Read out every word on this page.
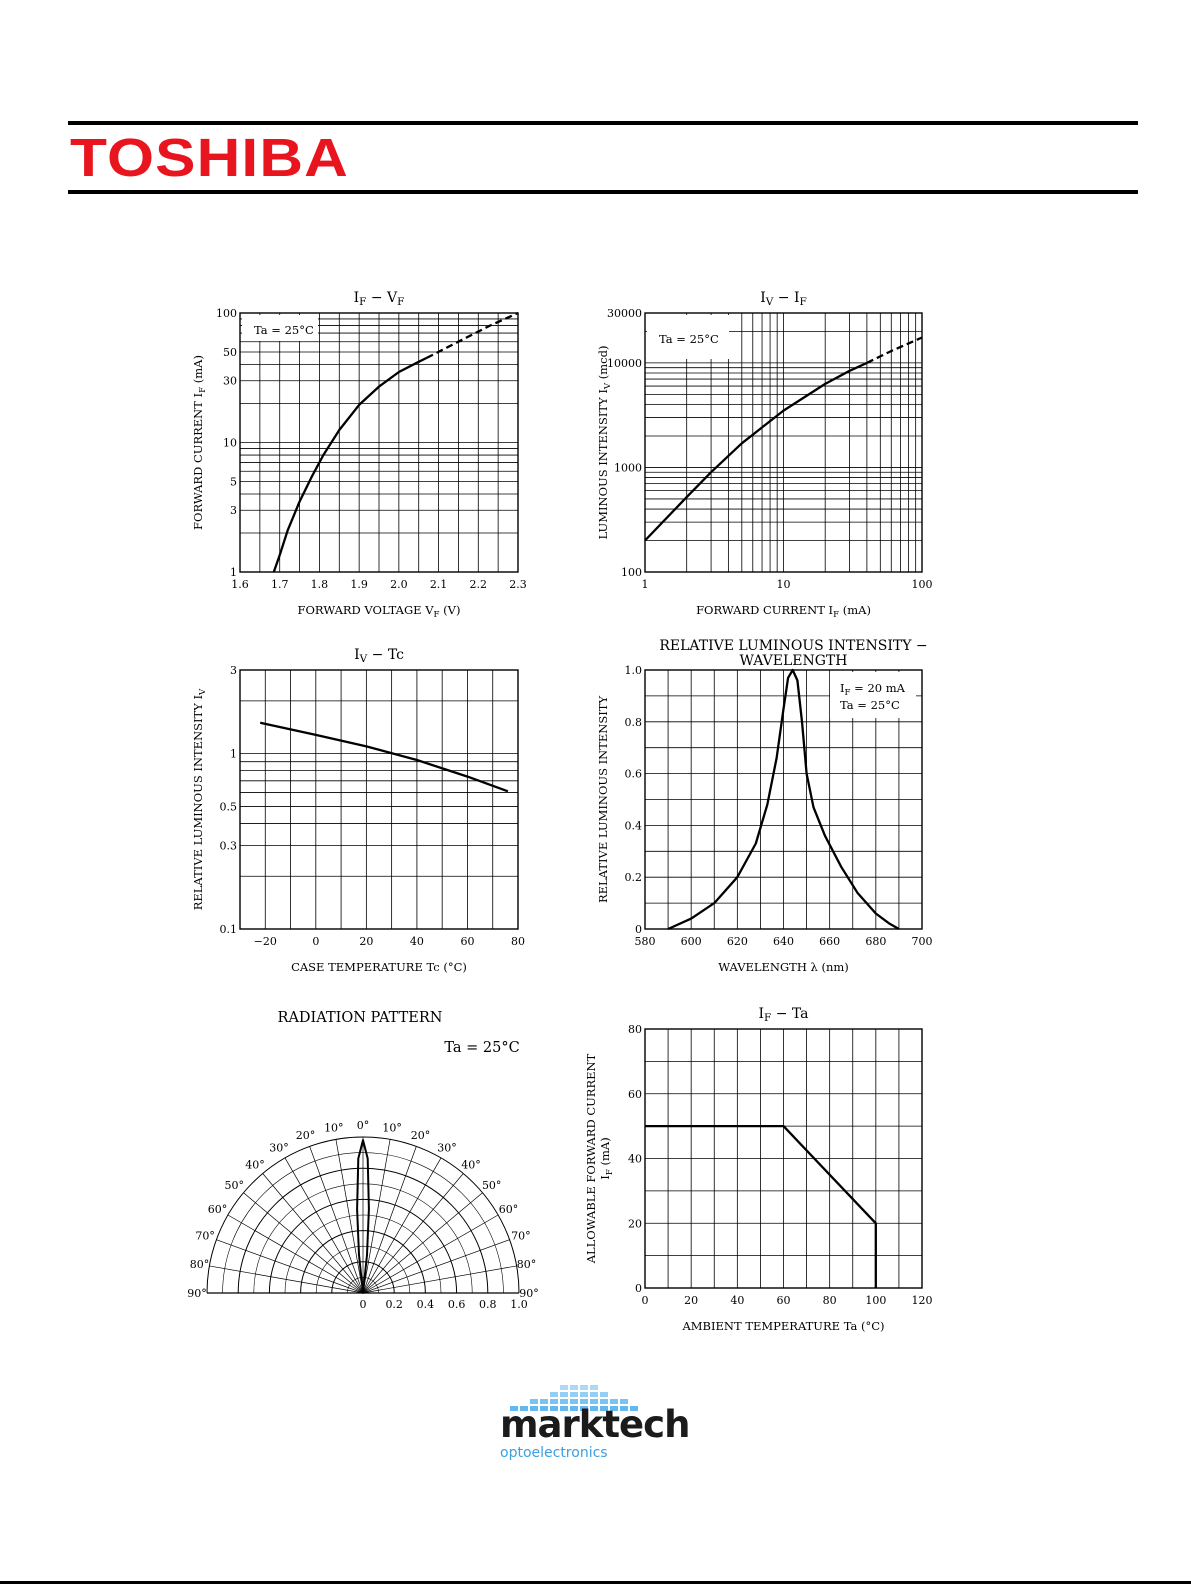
TOSHIBA
1.6 1.7 1.8 1.9 2.0 2.1 2.2 2.3
1
3
5
10
30
50
100
$I_F - V_F$
FORWARD VOLTAGE $V_F$ (V)
FORWARD CURRENT $I_F$ (mA)
Ta = 25°C
1	10	100
100
1000
10000
30000
$I_V - I_F$
FORWARD CURRENT $I_F$ (mA)
LUMINOUS INTENSITY $I_V$ (mcd)
Ta = 25°C
−20	0	20	40	60	80
0.1
0.3
0.5
1
3
$I_V - Tc$
CASE TEMPERATURE Tc (°C)
RELATIVE LUMINOUS INTENSITY $I_V$
580 600 620 640 660 680 700
0
0.2
0.4
0.6
0.8
1.0
RELATIVE LUMINOUS INTENSITY −
WAVELENGTH
WAVELENGTH λ (nm)
RELATIVE LUMINOUS INTENSITY
$I_F = 20$ mA
Ta = 25°C
RADIATION PATTERN
Ta = 25°C
90°
80°
70°
60°
50°
40°
30°
20°
10° 0° 10°
20°
30°
40°
50°
60°
70°
80°
90°
0 0.2 0.4 0.6 0.8 1.0	0	20	40	60	80	100 120
0
20
40
60
80
$I_F - Ta$
AMBIENT TEMPERATURE Ta (°C)
ALLOWABLE FORWARD CURRENT $I_F$ (mA)

marktech

optoelectronics
